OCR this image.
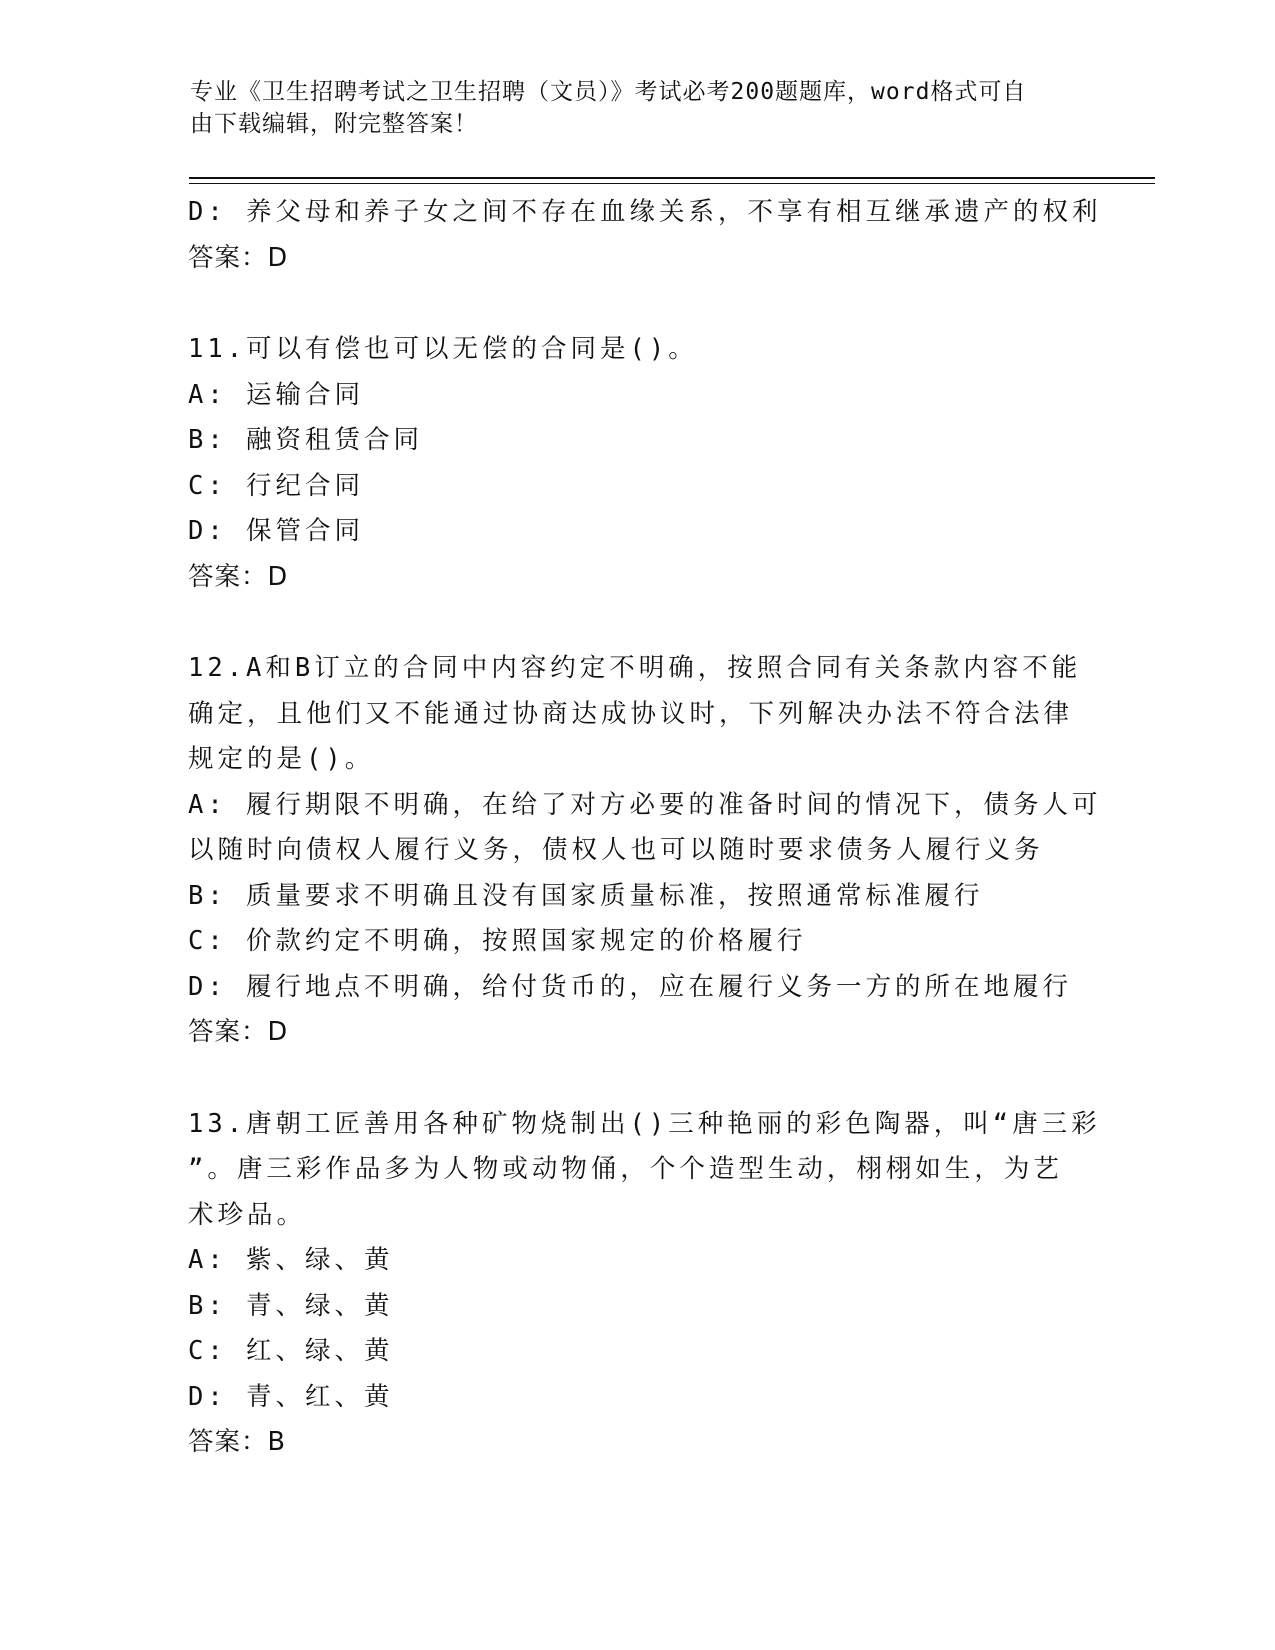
专业《卫生招聘考试之卫生招聘（文员）》考试必考200题题库，word格式可自
由下载编辑，附完整答案！
D: 养父母和养子女之间不存在血缘关系，不享有相互继承遗产的权利
答案：D
11.可以有偿也可以无偿的合同是()。
A: 运输合同
B: 融资租赁合同
C: 行纪合同
D: 保管合同
答案：D
12.A和B订立的合同中内容约定不明确，按照合同有关条款内容不能
确定，且他们又不能通过协商达成协议时，下列解决办法不符合法律
规定的是()。
A: 履行期限不明确，在给了对方必要的准备时间的情况下，债务人可
以随时向债权人履行义务，债权人也可以随时要求债务人履行义务
B: 质量要求不明确且没有国家质量标准，按照通常标准履行
C: 价款约定不明确，按照国家规定的价格履行
D: 履行地点不明确，给付货币的，应在履行义务一方的所在地履行
答案：D
13.唐朝工匠善用各种矿物烧制出()三种艳丽的彩色陶器，叫“唐三彩
”。唐三彩作品多为人物或动物俑，个个造型生动，栩栩如生，为艺
术珍品。
A: 紫、绿、黄
B: 青、绿、黄
C: 红、绿、黄
D: 青、红、黄
答案：B
